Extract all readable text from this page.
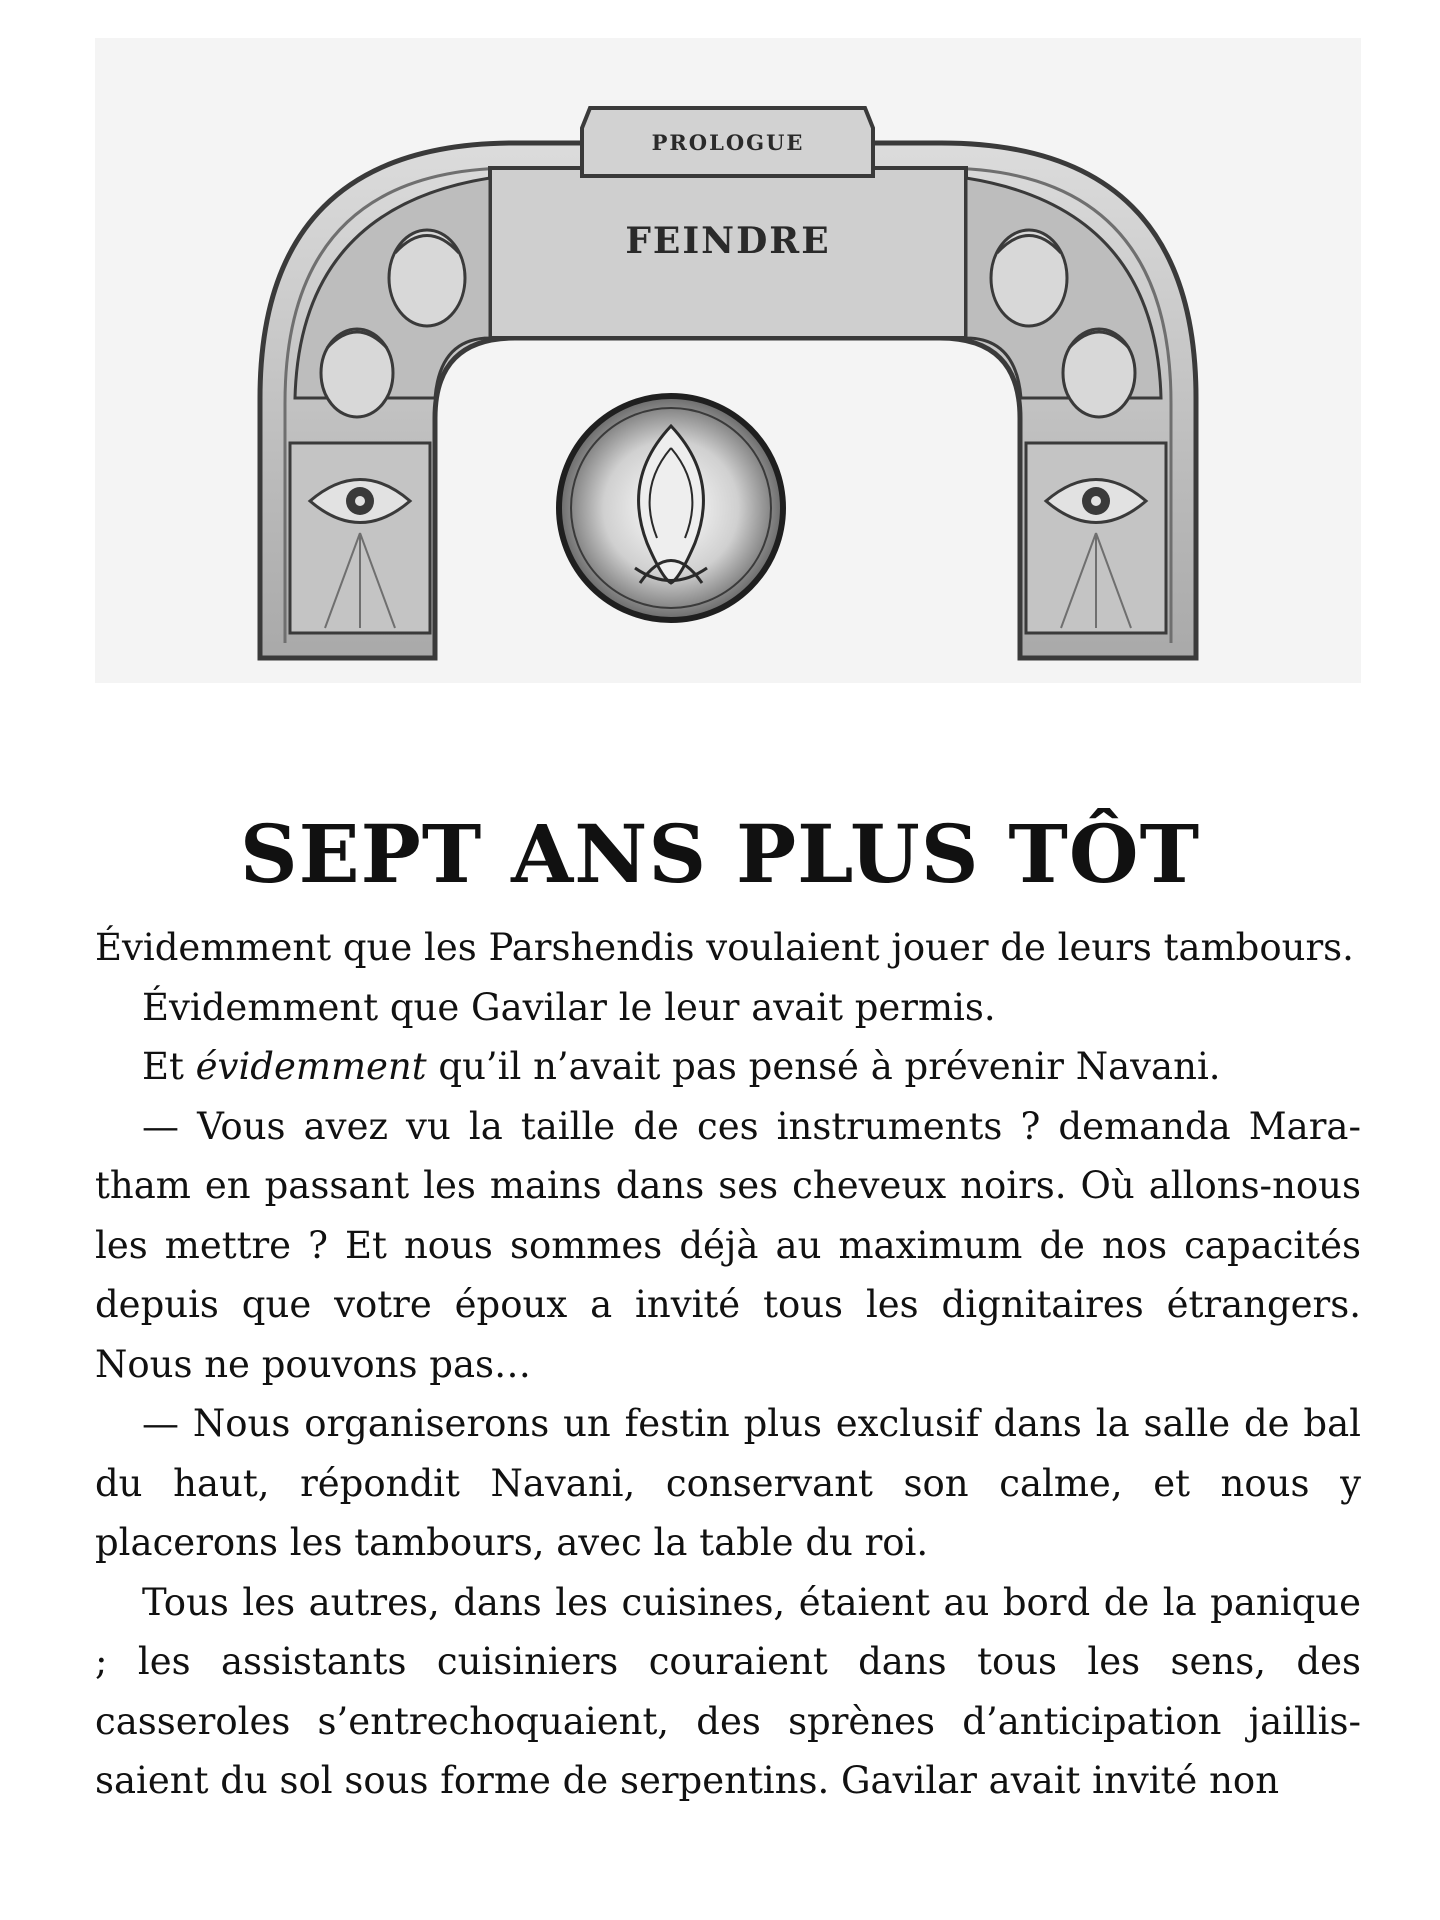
PROLOGUE
FEINDRE
SEPT ANS PLUS TÔT

Évidemment que les Parshendis voulaient jouer de leurs tambours.

Évidemment que Gavilar le leur avait permis.

Et évidemment qu’il n’avait pas pensé à prévenir Navani.

— Vous avez vu la taille de ces instruments ? demanda Maratham en passant les mains dans ses cheveux noirs. Où allons-nous les mettre ? Et nous sommes déjà au maximum de nos capacités depuis que votre époux a invité tous les dignitaires étrangers. Nous ne pouvons pas…

— Nous organiserons un festin plus exclusif dans la salle de bal du haut, répondit Navani, conservant son calme, et nous y placerons les tambours, avec la table du roi.

Tous les autres, dans les cuisines, étaient au bord de la panique ; les assistants cuisiniers couraient dans tous les sens, des casseroles s’entrechoquaient, des sprènes d’anticipation jaillissaient du sol sous forme de serpentins. Gavilar avait invité non
